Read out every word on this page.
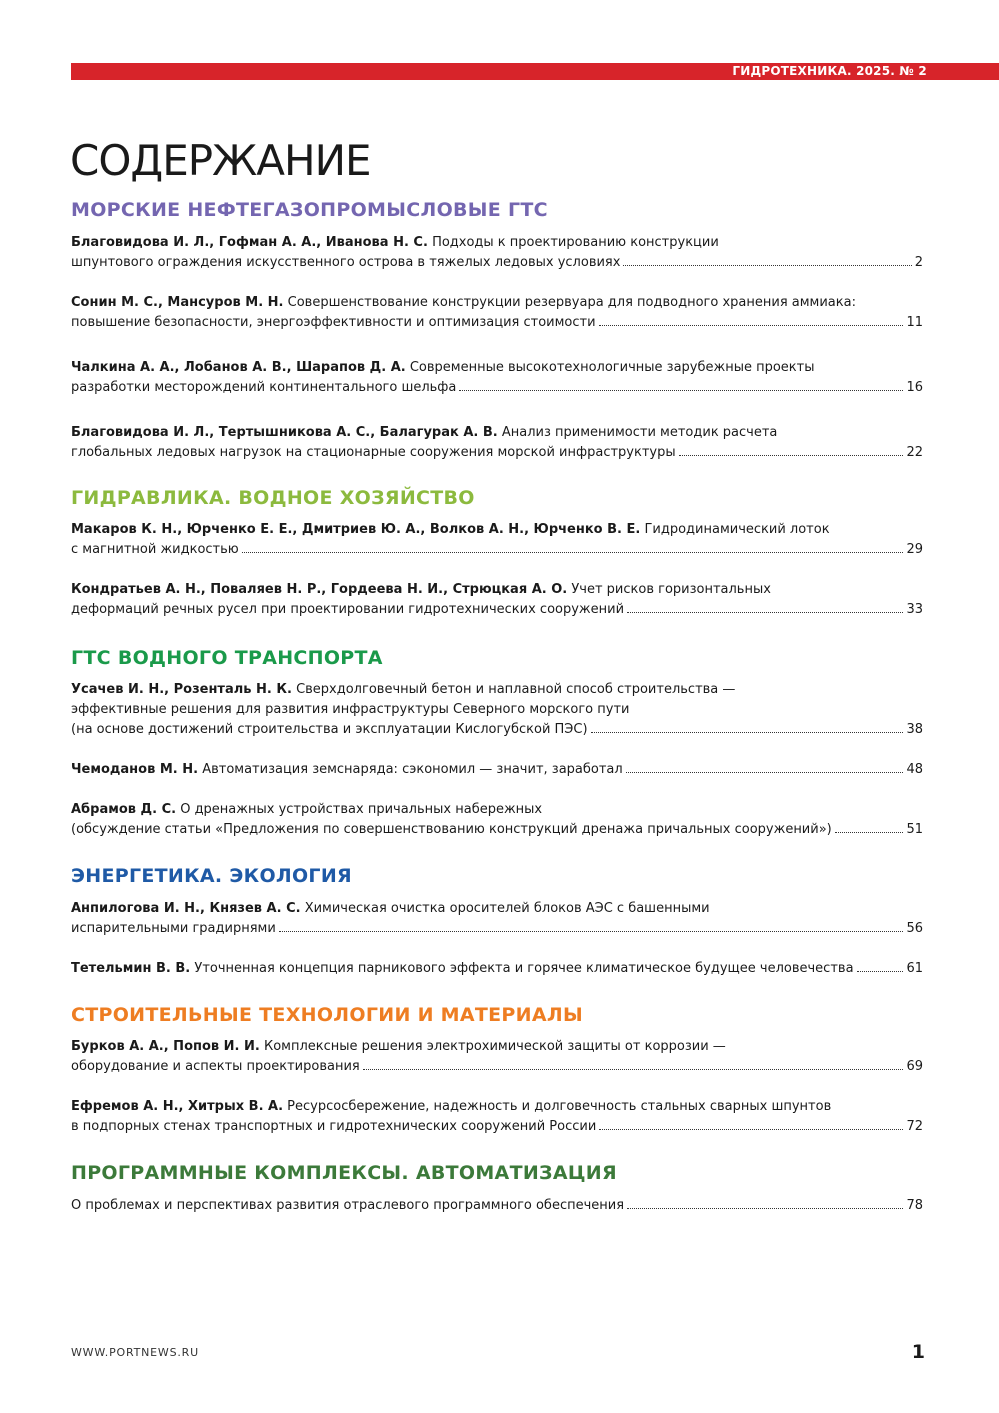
ГИДРОТЕХНИКА. 2025. № 2
СОДЕРЖАНИЕ
МОРСКИЕ НЕФТЕГАЗОПРОМЫСЛОВЫЕ ГТС
Благовидова И. Л., Гофман А. А., Иванова Н. С. Подходы к проектированию конструкции
шпунтового ограждения искусственного острова в тяжелых ледовых условиях	2
Сонин М. С., Мансуров М. Н. Совершенствование конструкции резервуара для подводного хранения аммиака:
повышение безопасности, энергоэффективности и оптимизация стоимости	11
Чалкина А. А., Лобанов А. В., Шарапов Д. А. Современные высокотехнологичные зарубежные проекты
разработки месторождений континентального шельфа	16
Благовидова И. Л., Тертышникова А. С., Балагурак А. В. Анализ применимости методик расчета
глобальных ледовых нагрузок на стационарные сооружения морской инфраструктуры	22
ГИДРАВЛИКА. ВОДНОЕ ХОЗЯЙСТВО
Макаров К. Н., Юрченко Е. Е., Дмитриев Ю. А., Волков А. Н., Юрченко В. Е. Гидродинамический лоток
с магнитной жидкостью	29
Кондратьев А. Н., Поваляев Н. Р., Гордеева Н. И., Стрюцкая А. О. Учет рисков горизонтальных
деформаций речных русел при проектировании гидротехнических сооружений	33
ГТС ВОДНОГО ТРАНСПОРТА
Усачев И. Н., Розенталь Н. К. Сверхдолговечный бетон и наплавной способ строительства —
эффективные решения для развития инфраструктуры Северного морского пути
(на основе достижений строительства и эксплуатации Кислогубской ПЭС)	38
Чемоданов М. Н. Автоматизация земснаряда: сэкономил — значит, заработал	48
Абрамов Д. С. О дренажных устройствах причальных набережных
(обсуждение статьи «Предложения по совершенствованию конструкций дренажа причальных сооружений»)	51
ЭНЕРГЕТИКА. ЭКОЛОГИЯ
Анпилогова И. Н., Князев А. С. Химическая очистка оросителей блоков АЭС с башенными
испарительными градирнями	56
Тетельмин В. В. Уточненная концепция парникового эффекта и горячее климатическое будущее человечества	61
СТРОИТЕЛЬНЫЕ ТЕХНОЛОГИИ И МАТЕРИАЛЫ
Бурков А. А., Попов И. И. Комплексные решения электрохимической защиты от коррозии —
оборудование и аспекты проектирования	69
Ефремов А. Н., Хитрых В. А. Ресурсосбережение, надежность и долговечность стальных сварных шпунтов
в подпорных стенах транспортных и гидротехнических сооружений России	72
ПРОГРАММНЫЕ КОМПЛЕКСЫ. АВТОМАТИЗАЦИЯ
О проблемах и перспективах развития отраслевого программного обеспечения	78
WWW.PORTNEWS.RU	1
